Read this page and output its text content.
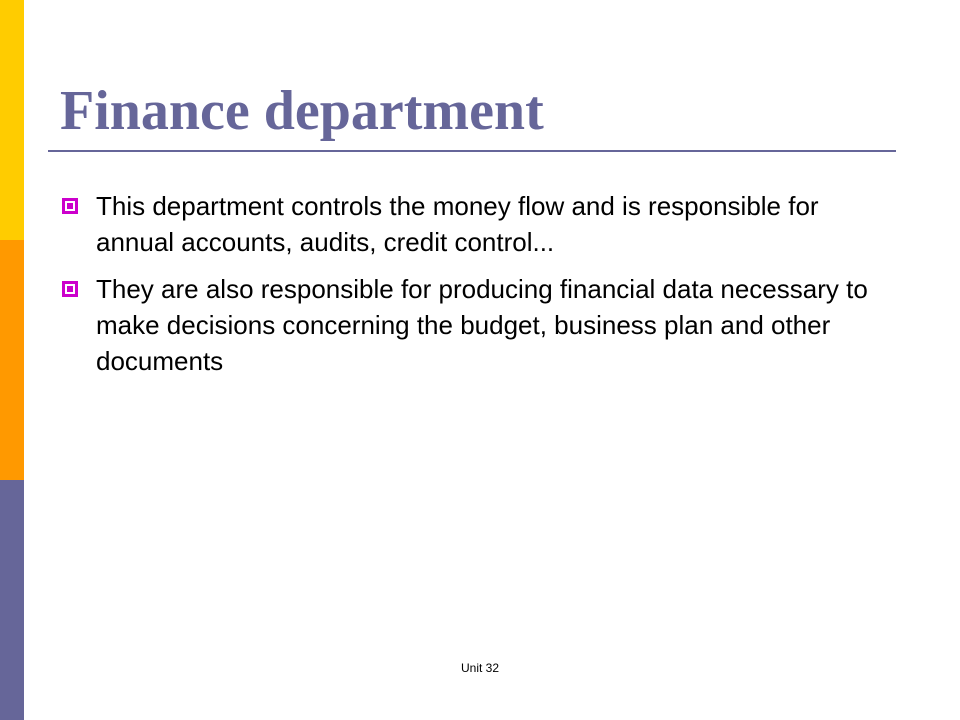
Finance department
This department controls the money flow and is responsible for annual accounts, audits, credit control...
They are also responsible for producing financial data necessary to make decisions concerning the budget, business plan and other documents
Unit 32
